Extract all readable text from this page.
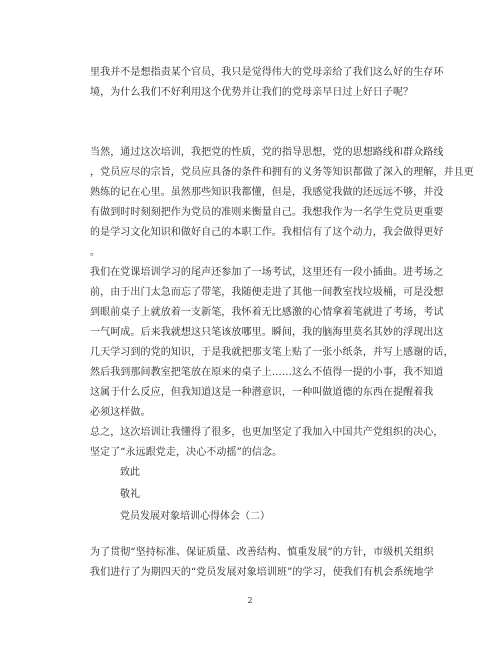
里我并不是想指责某个官员，我只是觉得伟大的党母亲给了我们这么好的生存环
境，为什么我们不好利用这个优势并让我们的党母亲早日过上好日子呢？
当然，通过这次培训，我把党的性质，党的指导思想，党的思想路线和群众路线
，党员应尽的宗旨，党员应具备的条件和拥有的义务等知识都做了深入的理解，并且更
熟练的记在心里。虽然那些知识我都懂，但是，我感觉我做的还远远不够，并没
有做到时时刻刻把作为党员的准则来衡量自己。我想我作为一名学生党员更重要
的是学习文化知识和做好自己的本职工作。我相信有了这个动力，我会做得更好
。
我们在党课培训学习的尾声还参加了一场考试，这里还有一段小插曲。进考场之
前，由于出门太急而忘了带笔，我随便走进了其他一间教室找垃圾桶，可是没想
到眼前桌子上就放着一支新笔，我怀着无比感激的心情拿着笔就进了考场，考试
一气呵成。后来我就想这只笔该放哪里。瞬间，我的脑海里莫名其妙的浮现出这
几天学习到的党的知识，于是我就把那支笔上贴了一张小纸条，并写上感谢的话，
然后我到那间教室把笔放在原来的桌子上……这么不值得一提的小事，我不知道
这属于什么反应，但我知道这是一种潜意识，一种叫做道德的东西在提醒着我
必须这样做。
总之，这次培训让我懂得了很多，也更加坚定了我加入中国共产党组织的决心，
坚定了“永远跟党走，决心不动摇”的信念。
致此
敬礼
党员发展对象培训心得体会（二）
为了贯彻“坚持标准、保证质量、改善结构、慎重发展”的方针，市级机关组织
我们进行了为期四天的“党员发展对象培训班”的学习，使我们有机会系统地学
2
